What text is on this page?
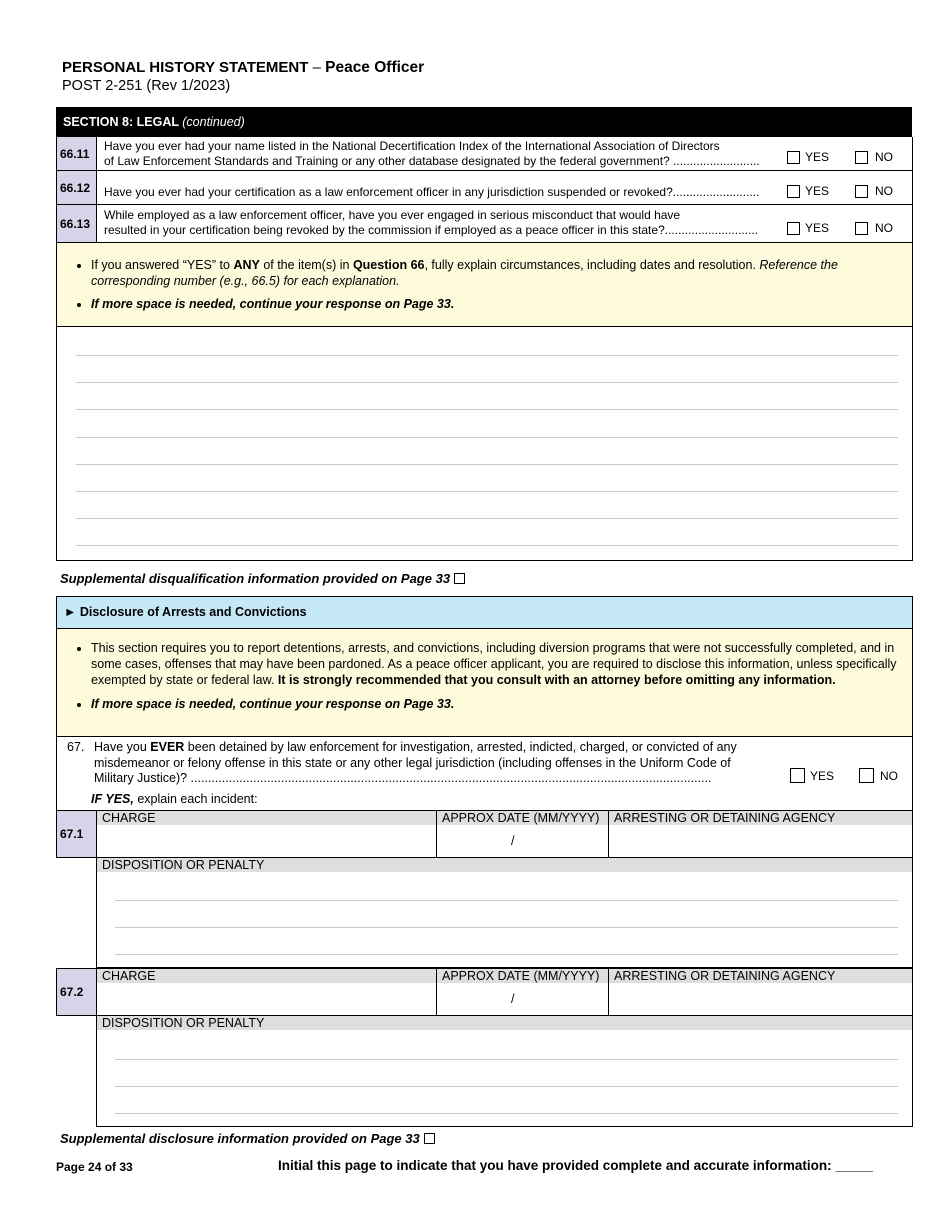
PERSONAL HISTORY STATEMENT – Peace Officer
POST 2-251 (Rev 1/2023)
SECTION 8: LEGAL (continued)
66.11
Have you ever had your name listed in the National Decertification Index of the International Association of Directors
of Law Enforcement Standards and Training or any other database designated by the federal government? ..........................	YES	NO
66.12	Have you ever had your certification as a law enforcement officer in any jurisdiction suspended or revoked?..........................	YES	NO
66.13
While employed as a law enforcement officer, have you ever engaged in serious misconduct that would have
resulted in your certification being revoked by the commission if employed as a peace officer in this state?............................	YES	NO
• If you answered “YES” to ANY of the item(s) in Question 66, fully explain circumstances, including dates and resolution. Reference the corresponding number (e.g., 66.5) for each explanation.
• If more space is needed, continue your response on Page 33.
Supplemental disqualification information provided on Page 33
► Disclosure of Arrests and Convictions
• This section requires you to report detentions, arrests, and convictions, including diversion programs that were not successfully completed, and in some cases, offenses that may have been pardoned. As a peace officer applicant, you are required to disclose this information, unless specifically exempted by state or federal law. It is strongly recommended that you consult with an attorney before omitting any information.
• If more space is needed, continue your response on Page 33.
67. Have you EVER been detained by law enforcement for investigation, arrested, indicted, charged, or convicted of any
misdemeanor or felony offense in this state or any other legal jurisdiction (including offenses in the Uniform Code of
Military Justice)? ......................................................................................................................................................	YES	NO
IF YES, explain each incident:
67.1
CHARGE	APPROX DATE (MM/YYYY)	ARRESTING OR DETAINING AGENCY
/
DISPOSITION OR PENALTY
67.2
CHARGE	APPROX DATE (MM/YYYY)	ARRESTING OR DETAINING AGENCY
/
DISPOSITION OR PENALTY
Supplemental disclosure information provided on Page 33
Page 24 of 33	Initial this page to indicate that you have provided complete and accurate information: _____
